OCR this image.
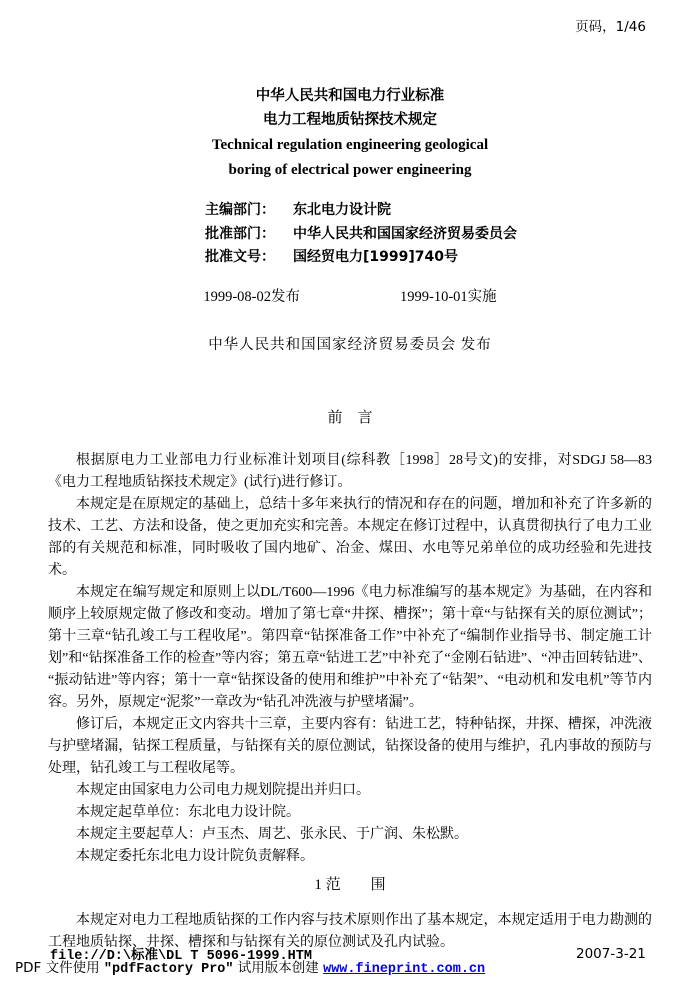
页码，1/46
中华人民共和国电力行业标准
电力工程地质钻探技术规定
Technical regulation engineering geological
boring of electrical power engineering
主编部门： 东北电力设计院
批准部门： 中华人民共和国国家经济贸易委员会
批准文号： 国经贸电力[1999]740号
1999-08-02发布	1999-10-01实施
中华人民共和国国家经济贸易委员会 发布
前　言

根据原电力工业部电力行业标准计划项目(综科教［1998］28号文)的安排，对SDGJ 58—83《电力工程地质钻探技术规定》(试行)进行修订。

本规定是在原规定的基础上，总结十多年来执行的情况和存在的问题，增加和补充了许多新的技术、工艺、方法和设备，使之更加充实和完善。本规定在修订过程中，认真贯彻执行了电力工业部的有关规范和标准，同时吸收了国内地矿、冶金、煤田、水电等兄弟单位的成功经验和先进技术。

本规定在编写规定和原则上以DL/T600—1996《电力标准编写的基本规定》为基础，在内容和顺序上较原规定做了修改和变动。增加了第七章“井探、槽探”；第十章“与钻探有关的原位测试”；第十三章“钻孔竣工与工程收尾”。第四章“钻探准备工作”中补充了“编制作业指导书、制定施工计划”和“钻探准备工作的检查”等内容；第五章“钻进工艺”中补充了“金刚石钻进”、“冲击回转钻进”、“振动钻进”等内容；第十一章“钻探设备的使用和维护”中补充了“钻架”、“电动机和发电机”等节内容。另外，原规定“泥浆”一章改为“钻孔冲洗液与护壁堵漏”。

修订后，本规定正文内容共十三章，主要内容有：钻进工艺，特种钻探，井探、槽探，冲洗液与护壁堵漏，钻探工程质量，与钻探有关的原位测试，钻探设备的使用与维护，孔内事故的预防与处理，钻孔竣工与工程收尾等。

本规定由国家电力公司电力规划院提出并归口。

本规定起草单位：东北电力设计院。

本规定主要起草人：卢玉杰、周艺、张永民、于广润、朱松默。

本规定委托东北电力设计院负责解释。

1 范　　围

本规定对电力工程地质钻探的工作内容与技术原则作出了基本规定，本规定适用于电力勘测的工程地质钻探、井探、槽探和与钻探有关的原位测试及孔内试验。

file://D:\标准\DL T 5096-1999.HTM	2007-3-21
PDF 文件使用 "pdfFactory Pro" 试用版本创建 www.fineprint.com.cn
